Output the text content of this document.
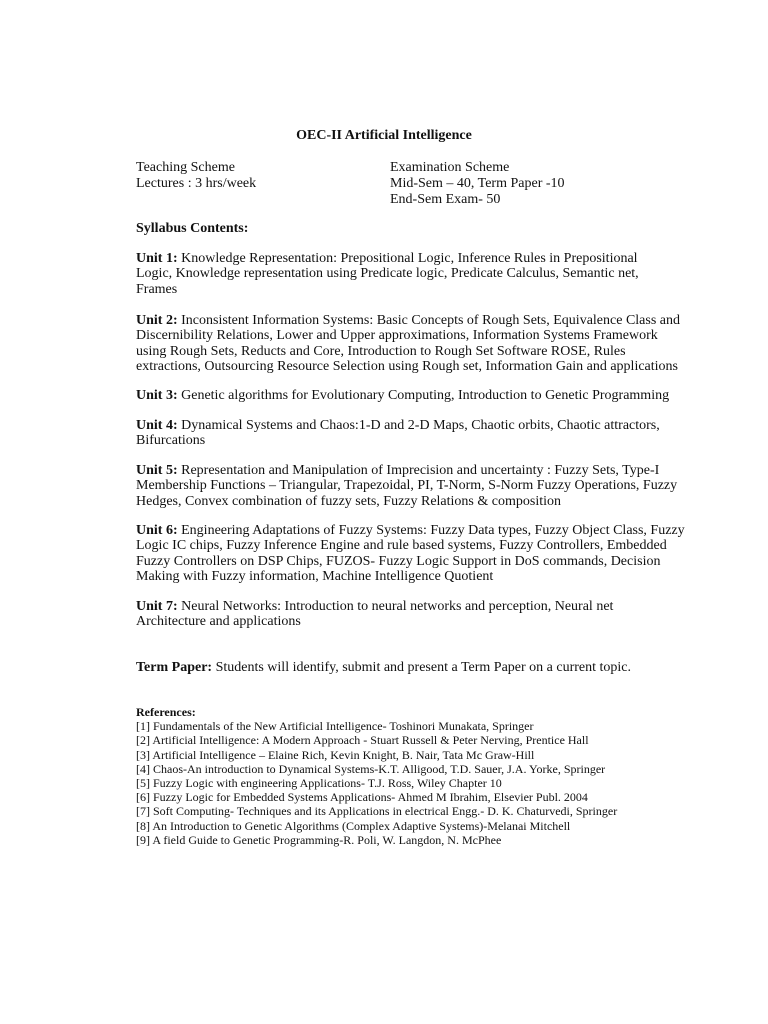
OEC-II Artificial Intelligence
Teaching Scheme
Lectures : 3 hrs/week
Examination Scheme
Mid-Sem – 40, Term Paper -10
End-Sem Exam- 50
Syllabus Contents:
Unit 1: Knowledge Representation: Prepositional Logic, Inference Rules in Prepositional
Logic, Knowledge representation using Predicate logic, Predicate Calculus, Semantic net,
Frames
Unit 2: Inconsistent Information Systems: Basic Concepts of Rough Sets, Equivalence Class and
Discernibility Relations, Lower and Upper approximations, Information Systems Framework
using Rough Sets, Reducts and Core, Introduction to Rough Set Software ROSE, Rules
extractions, Outsourcing Resource Selection using Rough set, Information Gain and applications
Unit 3: Genetic algorithms for Evolutionary Computing, Introduction to Genetic Programming
Unit 4: Dynamical Systems and Chaos:1-D and 2-D Maps, Chaotic orbits, Chaotic attractors,
Bifurcations
Unit 5: Representation and Manipulation of Imprecision and uncertainty : Fuzzy Sets, Type-I
Membership Functions – Triangular, Trapezoidal, PI, T-Norm, S-Norm Fuzzy Operations, Fuzzy
Hedges, Convex combination of fuzzy sets, Fuzzy Relations & composition
Unit 6: Engineering Adaptations of Fuzzy Systems: Fuzzy Data types, Fuzzy Object Class, Fuzzy
Logic IC chips, Fuzzy Inference Engine and rule based systems, Fuzzy Controllers, Embedded
Fuzzy Controllers on DSP Chips, FUZOS- Fuzzy Logic Support in DoS commands, Decision
Making with Fuzzy information, Machine Intelligence Quotient
Unit 7: Neural Networks: Introduction to neural networks and perception, Neural net
Architecture and applications
Term Paper: Students will identify, submit and present a Term Paper on a current topic.
References:
[1] Fundamentals of the New Artificial Intelligence- Toshinori Munakata, Springer
[2] Artificial Intelligence: A Modern Approach - Stuart Russell & Peter Nerving, Prentice Hall
[3] Artificial Intelligence – Elaine Rich, Kevin Knight, B. Nair, Tata Mc Graw-Hill
[4] Chaos-An introduction to Dynamical Systems-K.T. Alligood, T.D. Sauer, J.A. Yorke, Springer
[5] Fuzzy Logic with engineering Applications- T.J. Ross, Wiley Chapter 10
[6] Fuzzy Logic for Embedded Systems Applications- Ahmed M Ibrahim, Elsevier Publ. 2004
[7] Soft Computing- Techniques and its Applications in electrical Engg.- D. K. Chaturvedi, Springer
[8] An Introduction to Genetic Algorithms (Complex Adaptive Systems)-Melanai Mitchell
[9] A field Guide to Genetic Programming-R. Poli, W. Langdon, N. McPhee
